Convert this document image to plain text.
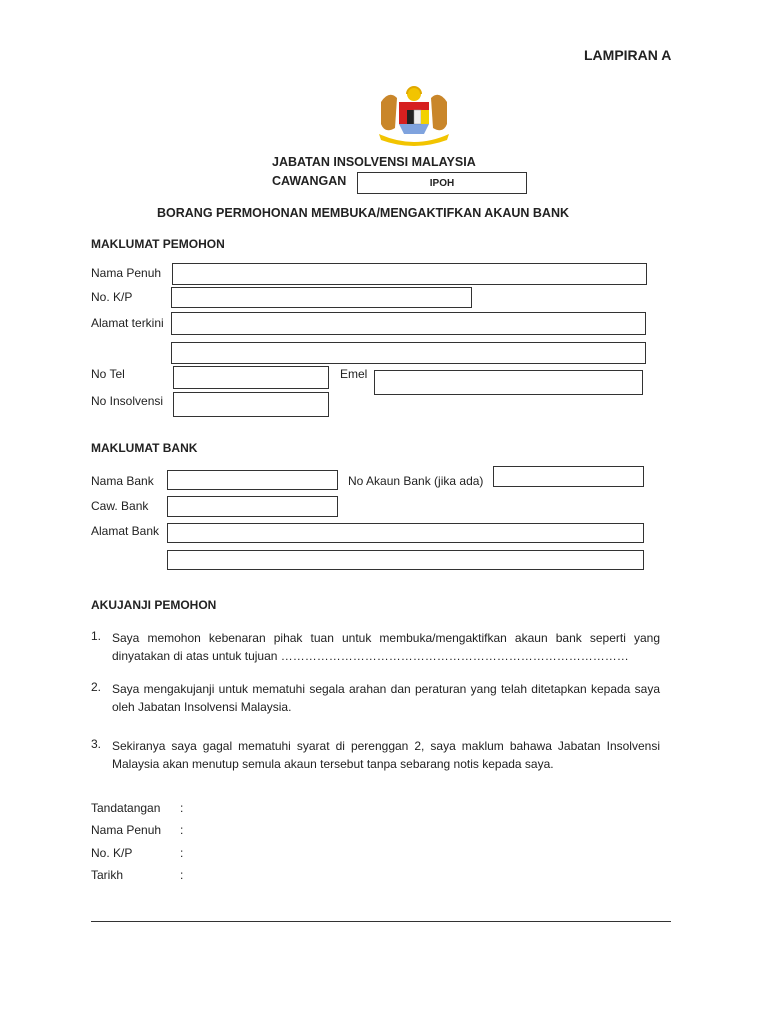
LAMPIRAN A
JABATAN INSOLVENSI MALAYSIA
CAWANGAN	IPOH
BORANG PERMOHONAN MEMBUKA/MENGAKTIFKAN AKAUN BANK
MAKLUMAT PEMOHON
Nama Penuh
No. K/P
Alamat terkini
No Tel	Emel
No Insolvensi
MAKLUMAT BANK
Nama Bank	No Akaun Bank (jika ada)
Caw. Bank
Alamat Bank
AKUJANJI PEMOHON
1. Saya memohon kebenaran pihak tuan untuk membuka/mengaktifkan akaun bank seperti yang dinyatakan di atas untuk tujuan ……………………………………………………………………………
2. Saya mengakujanji untuk mematuhi segala arahan dan peraturan yang telah ditetapkan kepada saya oleh Jabatan Insolvensi Malaysia.
3. Sekiranya saya gagal mematuhi syarat di perenggan 2, saya maklum bahawa Jabatan Insolvensi Malaysia akan menutup semula akaun tersebut tanpa sebarang notis kepada saya.
Tandatangan :
Nama Penuh :
No. K/P	:
Tarikh	:
